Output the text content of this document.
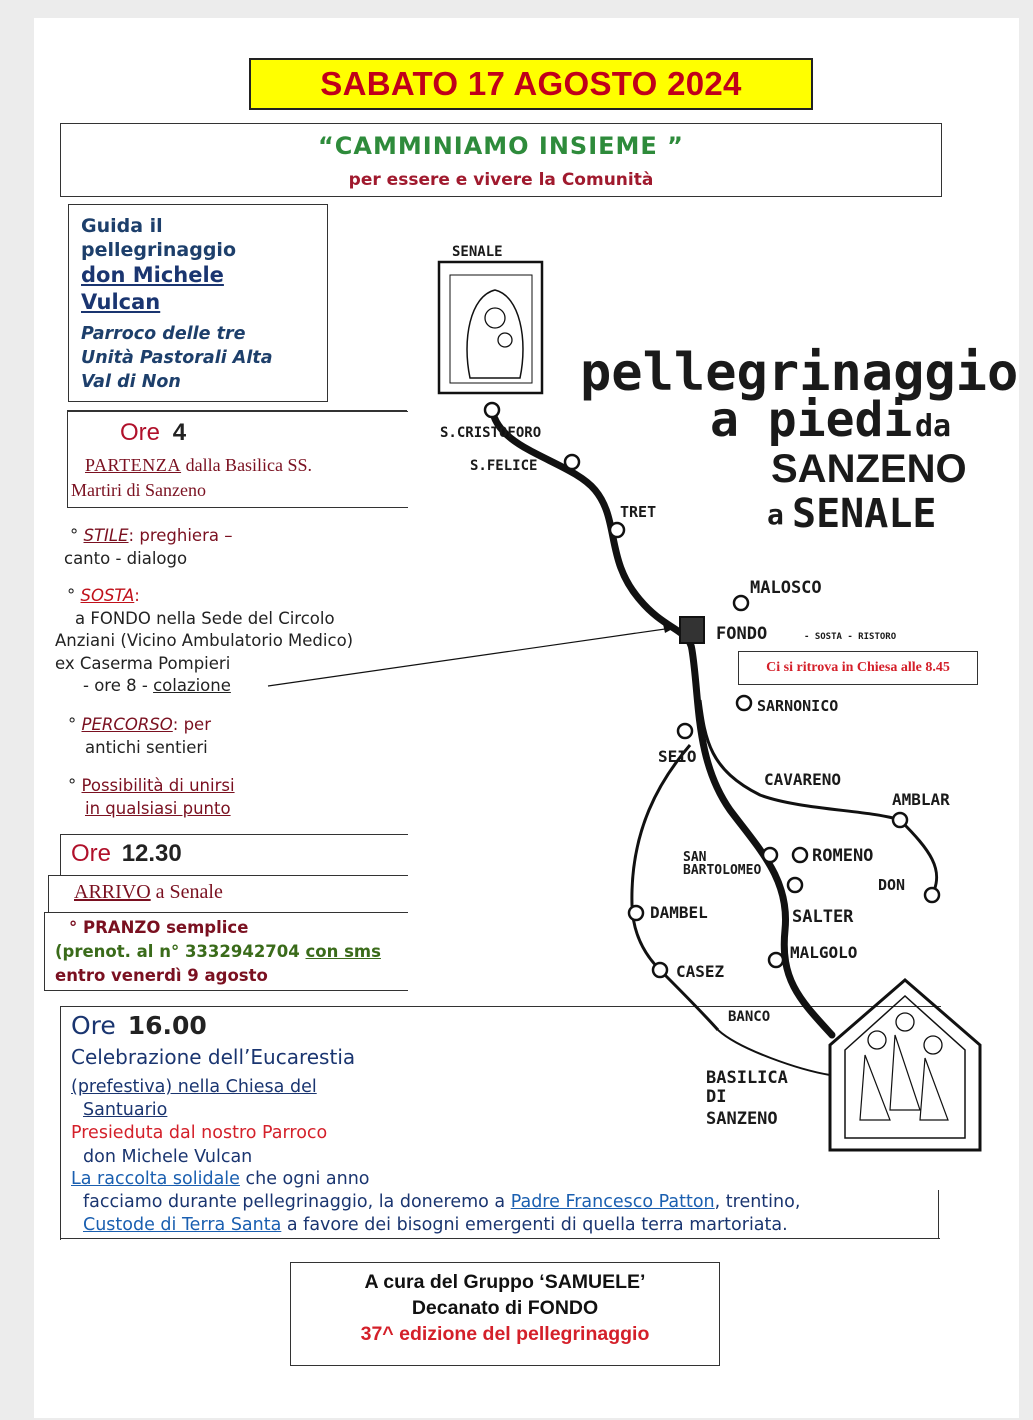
SABATO 17 AGOSTO 2024
“CAMMINIAMO INSIEME ”
per essere e vivere la Comunità
Guida il
pellegrinaggio
don Michele
Vulcan
Parroco delle tre
Unità Pastorali Alta
Val di Non
Ore 4
PARTENZA dalla Basilica SS.
Martiri di Sanzeno
° STILE: preghiera –
canto - dialogo
° SOSTA:
a FONDO nella Sede del Circolo
Anziani (Vicino Ambulatorio Medico)
ex Caserma Pompieri
- ore 8 - colazione
° PERCORSO: per
antichi sentieri
° Possibilità di unirsi
in qualsiasi punto
Ore 12.30
ARRIVO a Senale
° PRANZO semplice
(prenot. al n° 3332942704 con sms
entro venerdì 9 agosto
Ore 16.00
Celebrazione dell’Eucarestia
(prefestiva) nella Chiesa del
Santuario
Presieduta dal nostro Parroco
don Michele Vulcan
La raccolta solidale che ogni anno
facciamo durante pellegrinaggio, la doneremo a Padre Francesco Patton, trentino,
Custode di Terra Santa a favore dei bisogni emergenti di quella terra martoriata.
A cura del Gruppo ‘SAMUELE’
Decanato di FONDO
37^ edizione del pellegrinaggio
SENALE
S.CRISTOFORO
S.FELICE
TRET
MALOSCO
FONDO	- SOSTA - RISTORO
SARNONICO
SEIO
CAVARENO
AMBLAR
SAN
BARTOLOMEO
ROMENO
DON
DAMBEL	SALTER
MALGOLO
CASEZ
BANCO
BASILICA
DI
SANZENO
pellegrinaggio
a piedi da
SANZENO
a SENALE
Ci si ritrova in Chiesa alle 8.45
